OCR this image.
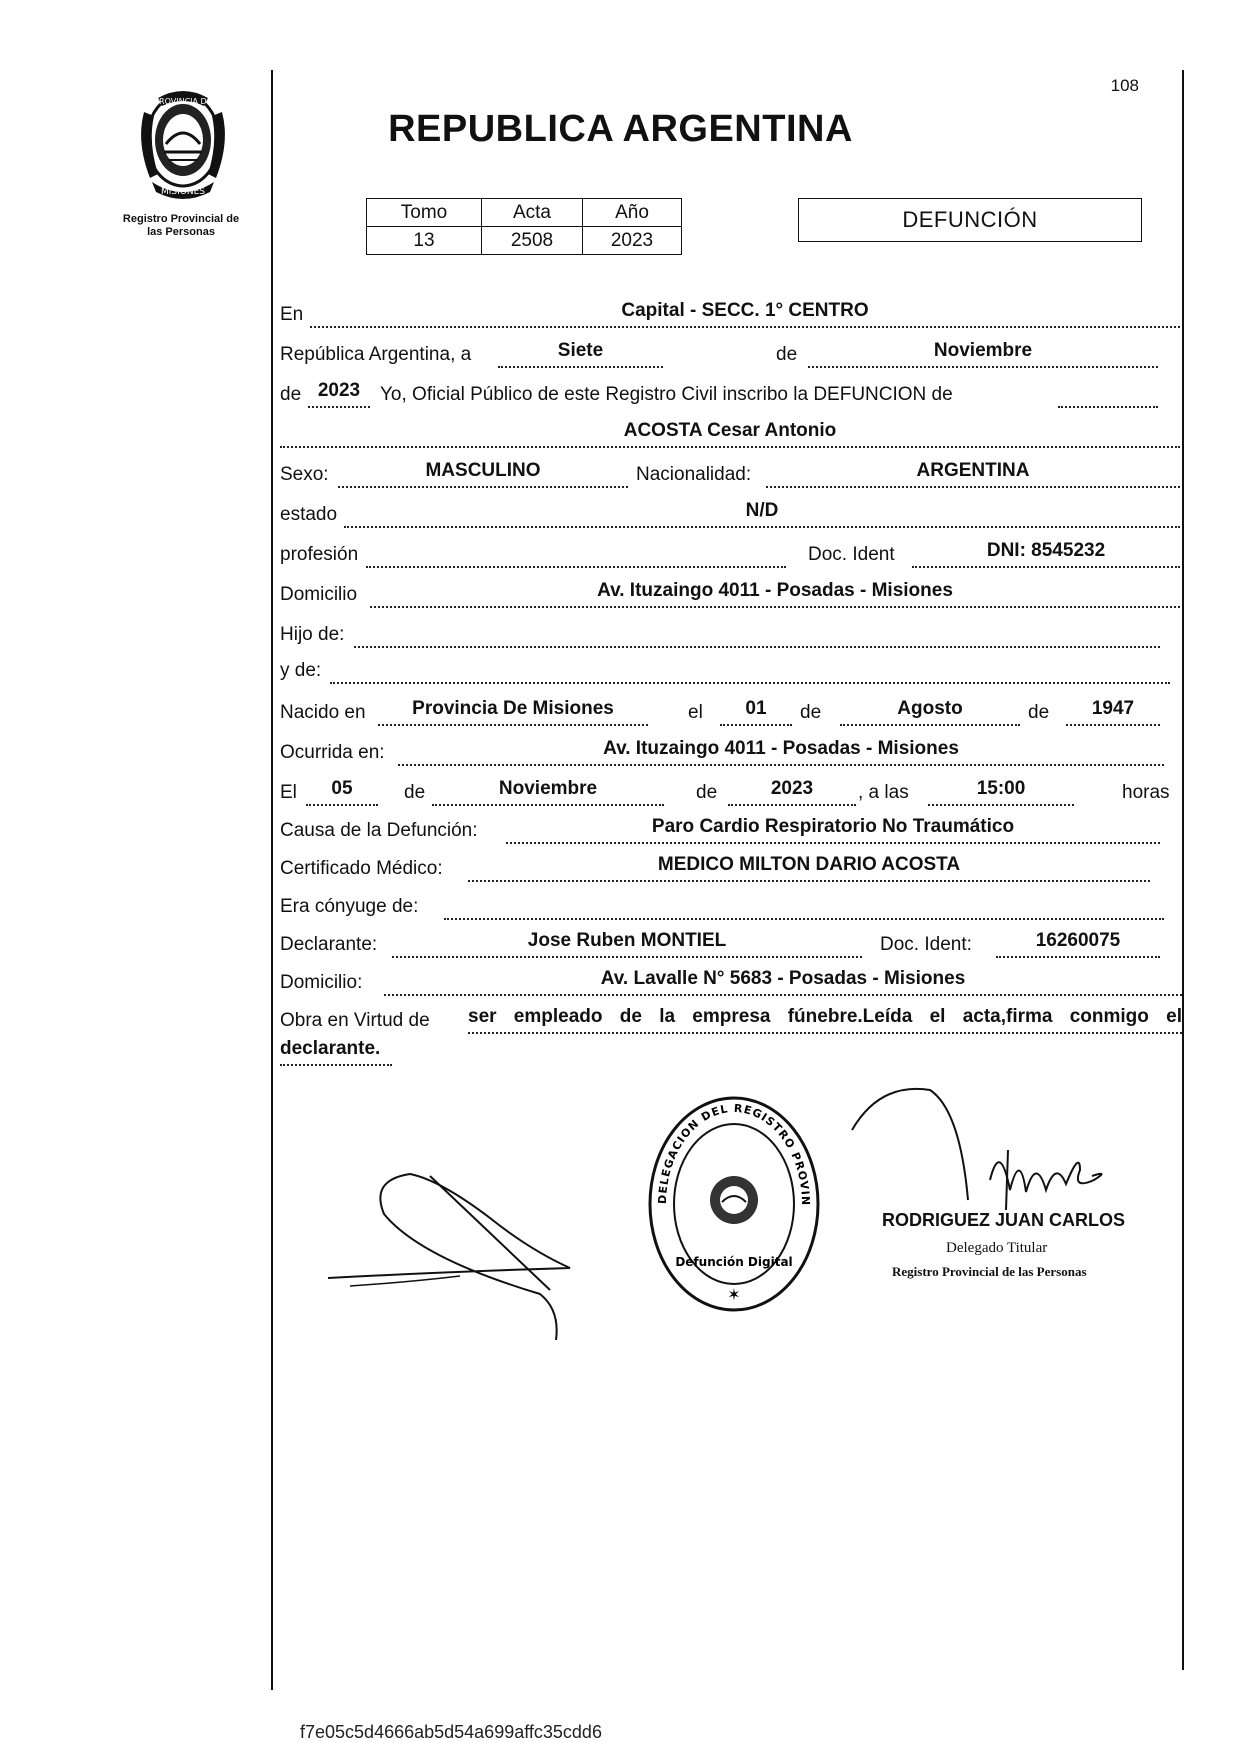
108
PROVINCIA DE
MISIONES
Registro Provincial de
las Personas
REPUBLICA ARGENTINA
Tomo	Acta	Año
13	2508	2023
DEFUNCIÓN
En	Capital - SECC. 1° CENTRO
República Argentina, a	Siete	de	Noviembre
de 2023	Yo, Oficial Público de este Registro Civil inscribo la DEFUNCION de
ACOSTA Cesar Antonio
Sexo:	MASCULINO	Nacionalidad:	ARGENTINA
estado	N/D
profesión	Doc. Ident	DNI: 8545232
Domicilio	Av. Ituzaingo 4011 - Posadas - Misiones
Hijo de:
y de:
Nacido en	Provincia De Misiones	el	01	de	Agosto	de	1947
Ocurrida en:	Av. Ituzaingo 4011 - Posadas - Misiones
El	05	de	Noviembre	de	2023	, a las	15:00	horas
Causa de la Defunción:	Paro Cardio Respiratorio No Traumático
Certificado Médico:	MEDICO MILTON DARIO ACOSTA
Era cónyuge de:
Declarante:	Jose Ruben MONTIEL	Doc. Ident:	16260075
Domicilio:	Av. Lavalle N° 5683 - Posadas - Misiones
Obra en Virtud de ser empleado de la empresa fúnebre.Leída el acta,firma conmigo el
declarante.
Defunción Digital
✶
DELEGACION DEL REGISTRO PROVIN
RODRIGUEZ JUAN CARLOS
Delegado Titular
Registro Provincial de las Personas
f7e05c5d4666ab5d54a699affc35cdd6
